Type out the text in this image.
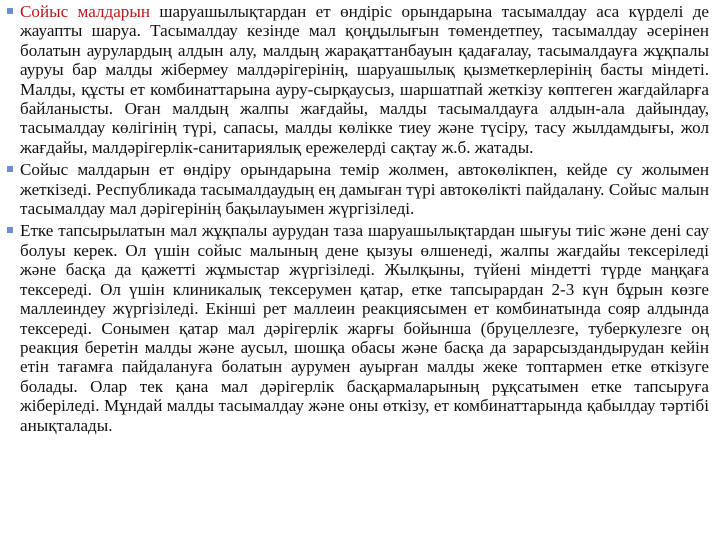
Сойыс малдарын шаруашылықтардан ет өндіріс орындарына тасымалдау аса күрделі де жауапты шаруа. Тасымалдау кезінде мал қоңдылығын төмендетпеу, тасымалдау әсерінен болатын аурулардың алдын алу, малдың жарақаттанбауын қадағалау, тасымалдауға жұқпалы ауруы бар малды жібермеу малдәрігерінің, шаруашылық қызметкерлерінің басты міндеті. Малды, құсты ет комбинаттарына ауру-сырқаусыз, шаршатпай жеткізу көптеген жағдайларға байланысты. Оған малдың жалпы жағдайы, малды тасымалдауға алдын-ала дайындау, тасымалдау көлігінің түрі, сапасы, малды көлікке тиеу және түсіру, тасу жылдамдығы, жол жағдайы, малдәрігерлік-санитариялық ережелерді сақтау ж.б. жатады.

Сойыс малдарын ет өндіру орындарына темір жолмен, автокөлікпен, кейде су жолымен жеткізеді. Республикада тасымалдаудың ең дамыған түрі автокөлікті пайдалану. Сойыс малын тасымалдау мал дәрігерінің бақылауымен жүргізіледі.

Етке тапсырылатын мал жұқпалы аурудан таза шаруашылықтардан шығуы тиіс және дені сау болуы керек. Ол үшін сойыс малының дене қызуы өлшенеді, жалпы жағдайы тексеріледі және басқа да қажетті жұмыстар жүргізіледі. Жылқыны, түйені міндетті түрде маңқаға тексереді. Ол үшін клиникалық тексерумен қатар, етке тапсырардан 2-3 күн бұрын көзге маллеиндеу жүргізіледі. Екінші рет маллеин реакциясымен ет комбинатында сояр алдында тексереді. Сонымен қатар мал дәрігерлік жарғы бойынша (бруцеллезге, туберкулезге оң реакция беретін малды және аусыл, шошқа обасы және басқа да зарарсыздандырудан кейін етін тағамға пайдалануға болатын аурумен ауырған малды жеке топтармен етке өткізуге болады. Олар тек қана мал дәрігерлік басқармаларының рұқсатымен етке тапсыруға жіберіледі. Мұндай малды тасымалдау және оны өткізу, ет комбинаттарында қабылдау тәртібі анықталады.
